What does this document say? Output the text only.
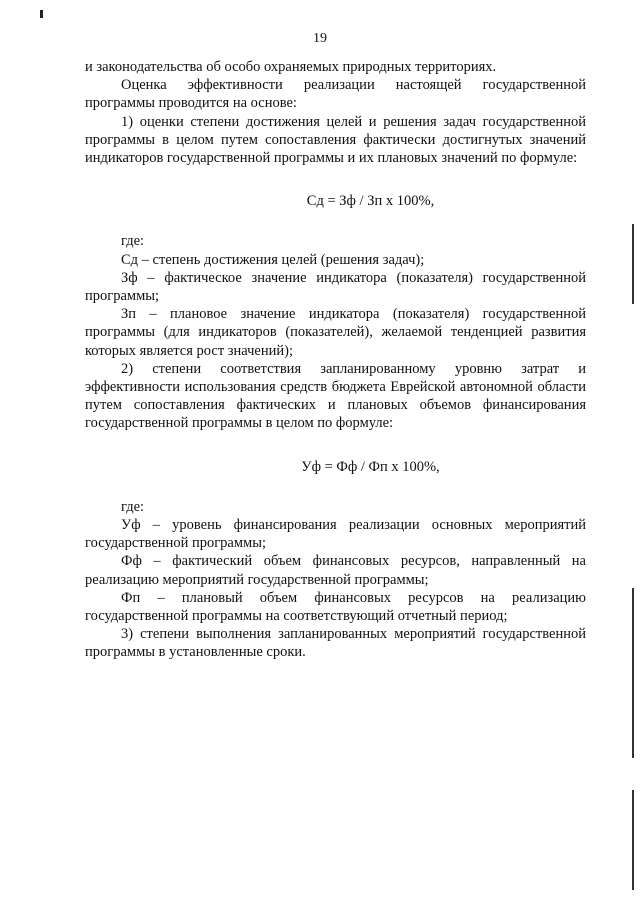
19

и законодательства об особо охраняемых природных территориях.

Оценка эффективности реализации настоящей государственной программы проводится на основе:

1) оценки степени достижения целей и решения задач государственной программы в целом путем сопоставления фактически достигнутых значений индикаторов государственной программы и их плановых значений по формуле:

Сд = Зф / Зп х 100%,

где:

Сд – степень достижения целей (решения задач);

Зф – фактическое значение индикатора (показателя) государственной программы;

Зп – плановое значение индикатора (показателя) государственной программы (для индикаторов (показателей), желаемой тенденцией развития которых является рост значений);

2) степени соответствия запланированному уровню затрат и эффективности использования средств бюджета Еврейской автономной области путем сопоставления фактических и плановых объемов финансирования государственной программы в целом по формуле:

Уф = Фф / Фп х 100%,

где:

Уф – уровень финансирования реализации основных мероприятий государственной программы;

Фф – фактический объем финансовых ресурсов, направленный на реализацию мероприятий государственной программы;

Фп – плановый объем финансовых ресурсов на реализацию государственной программы на соответствующий отчетный период;

3) степени выполнения запланированных мероприятий государственной программы в установленные сроки.
